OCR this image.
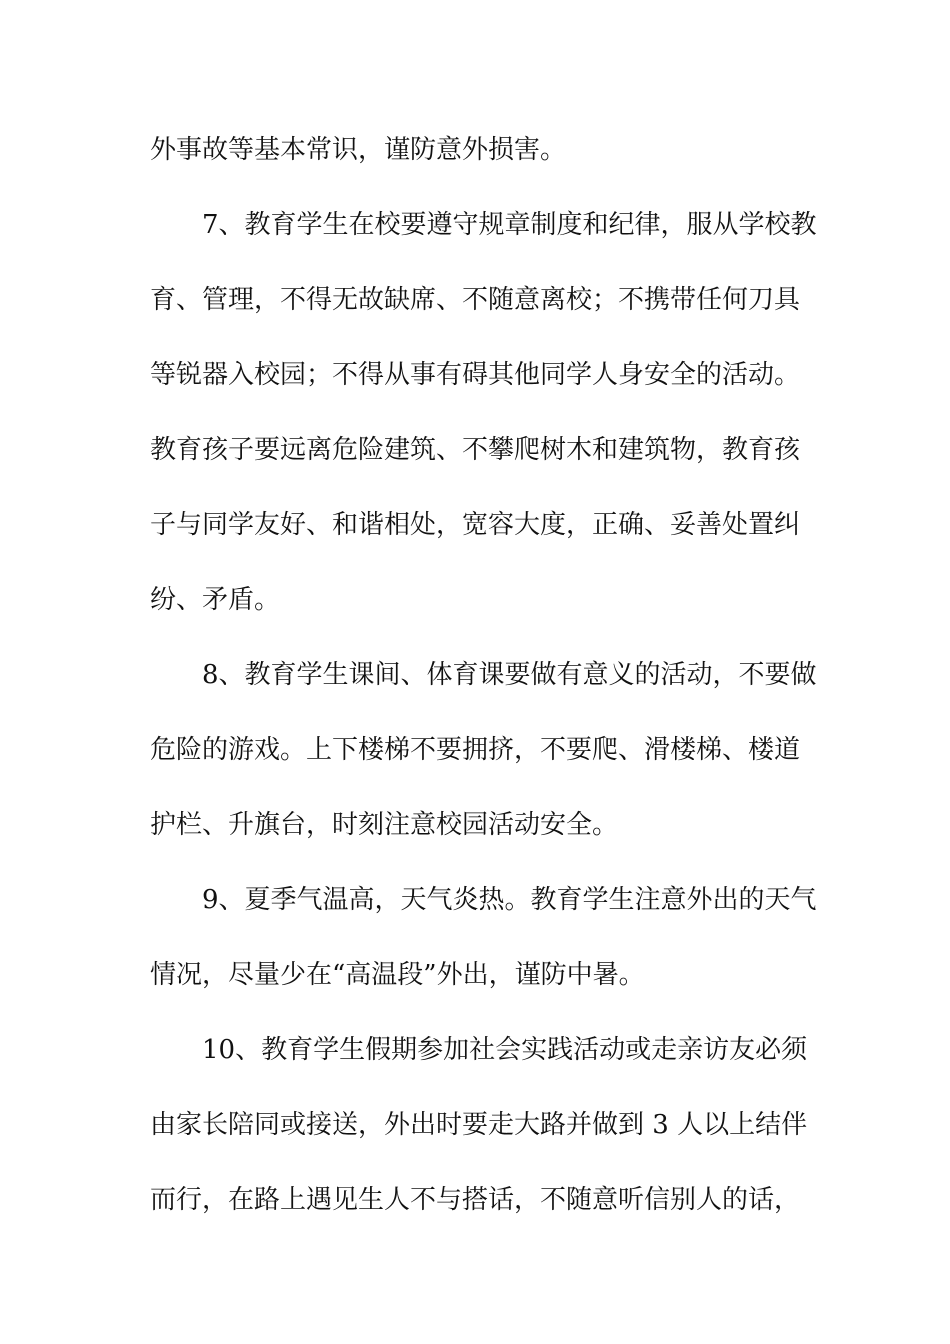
外事故等基本常识，谨防意外损害。
7、教育学生在校要遵守规章制度和纪律，服从学校教
育、管理，不得无故缺席、不随意离校；不携带任何刀具
等锐器入校园；不得从事有碍其他同学人身安全的活动。
教育孩子要远离危险建筑、不攀爬树木和建筑物，教育孩
子与同学友好、和谐相处，宽容大度，正确、妥善处置纠
纷、矛盾。
8、教育学生课间、体育课要做有意义的活动，不要做
危险的游戏。上下楼梯不要拥挤，不要爬、滑楼梯、楼道
护栏、升旗台，时刻注意校园活动安全。
9、夏季气温高，天气炎热。教育学生注意外出的天气
情况，尽量少在“高温段”外出，谨防中暑。
10、教育学生假期参加社会实践活动或走亲访友必须
由家长陪同或接送，外出时要走大路并做到 3 人以上结伴
而行，在路上遇见生人不与搭话，不随意听信别人的话，
